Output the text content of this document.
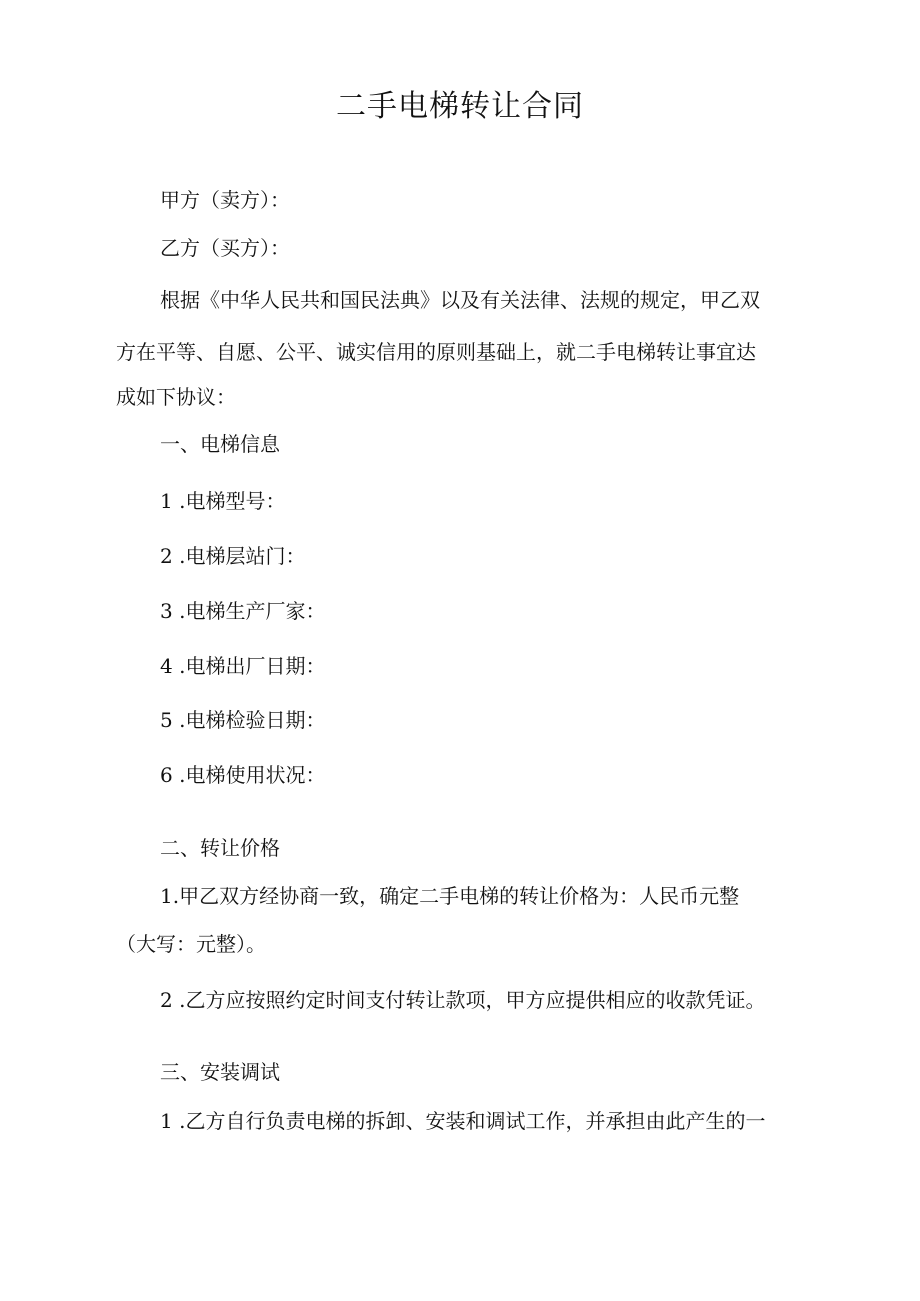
二手电梯转让合同
甲方（卖方）：
乙方（买方）：
根据《中华人民共和国民法典》以及有关法律、法规的规定，甲乙双
方在平等、自愿、公平、诚实信用的原则基础上，就二手电梯转让事宜达
成如下协议：
一、电梯信息
1 .电梯型号：
2 .电梯层站门：
3 .电梯生产厂家：
4 .电梯出厂日期：
5 .电梯检验日期：
6 .电梯使用状况：
二、转让价格
1.甲乙双方经协商一致，确定二手电梯的转让价格为：人民币元整
（大写：元整）。
2 .乙方应按照约定时间支付转让款项，甲方应提供相应的收款凭证。
三、安装调试
1 .乙方自行负责电梯的拆卸、安装和调试工作，并承担由此产生的一
